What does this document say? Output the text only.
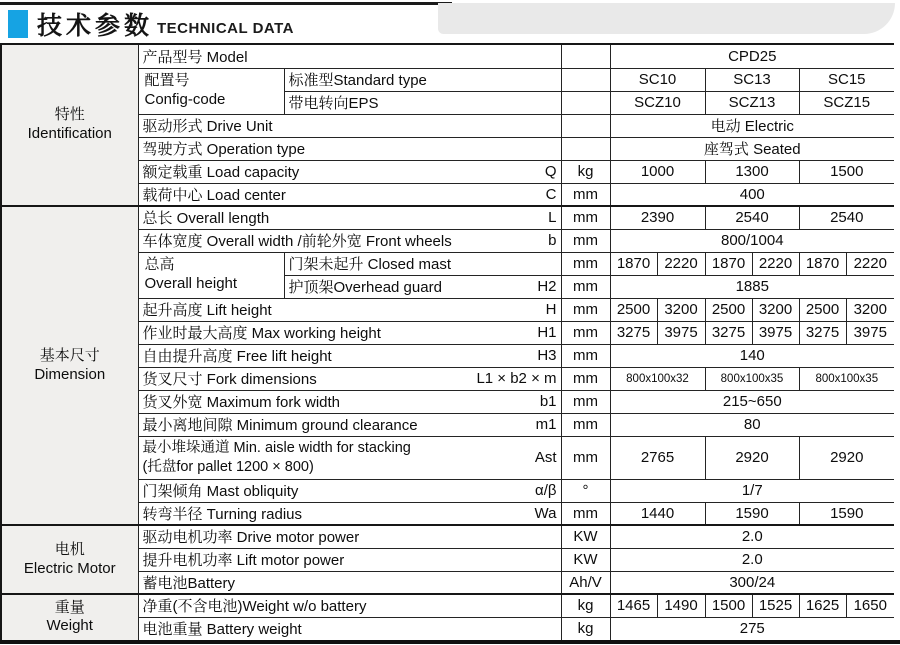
技术参数 TECHNICAL DATA
特性
Identification	产品型号 Model			CPD25					
	配置号
Config-code	标准型Standard type		SC10		SC13		SC15	
		带电转向EPS		SCZ10		SCZ13		SCZ15	
	驱动形式 Drive Unit			电动 Electric					
	驾驶方式 Operation type			座驾式 Seated					

	额定载重 Load capacity Q		kg	1000		1300		1500	

	载荷中心 Load center C		mm	400					
基本尺寸
Dimension	总长 Overall length L		mm	2390		2540		2540	

	车体宽度 Overall width /前轮外宽 Front wheels b		mm	800/1004					
	总高
Overall height	门架未起升 Closed mast	mm	1870	2220	1870	2220	1870	2220

		护顶架Overhead guard H2	mm	1885					

	起升高度 Lift height H		mm	2500	3200	2500	3200	2500	3200

	作业时最大高度 Max working height H1		mm	3275	3975	3275	3975	3275	3975

	自由提升高度 Free lift height H3		mm	140					

	货叉尺寸 Fork dimensions L1 × b2 × m		mm	800x100x32		800x100x35		800x100x35	

	货叉外宽 Maximum fork width b1		mm	215~650					

	最小离地间隙 Minimum ground clearance m1		mm	80					

	最小堆垛通道 Min. aisle width for stacking
(托盘for pallet 1200 × 800)
Ast		mm	2765		2920		2920	

	门架倾角 Mast obliquity α/β		°	1/7					

	转弯半径 Turning radius Wa		mm	1440		1590		1590	
电机
Electric Motor	驱动电机功率 Drive motor power		KW	2.0					
	提升电机功率 Lift motor power		KW	2.0					
	蓄电池Battery		Ah/V	300/24					
重量
Weight	净重(不含电池)Weight w/o battery		kg	1465	1490	1500	1525	1625	1650
	电池重量 Battery weight		kg	275					
